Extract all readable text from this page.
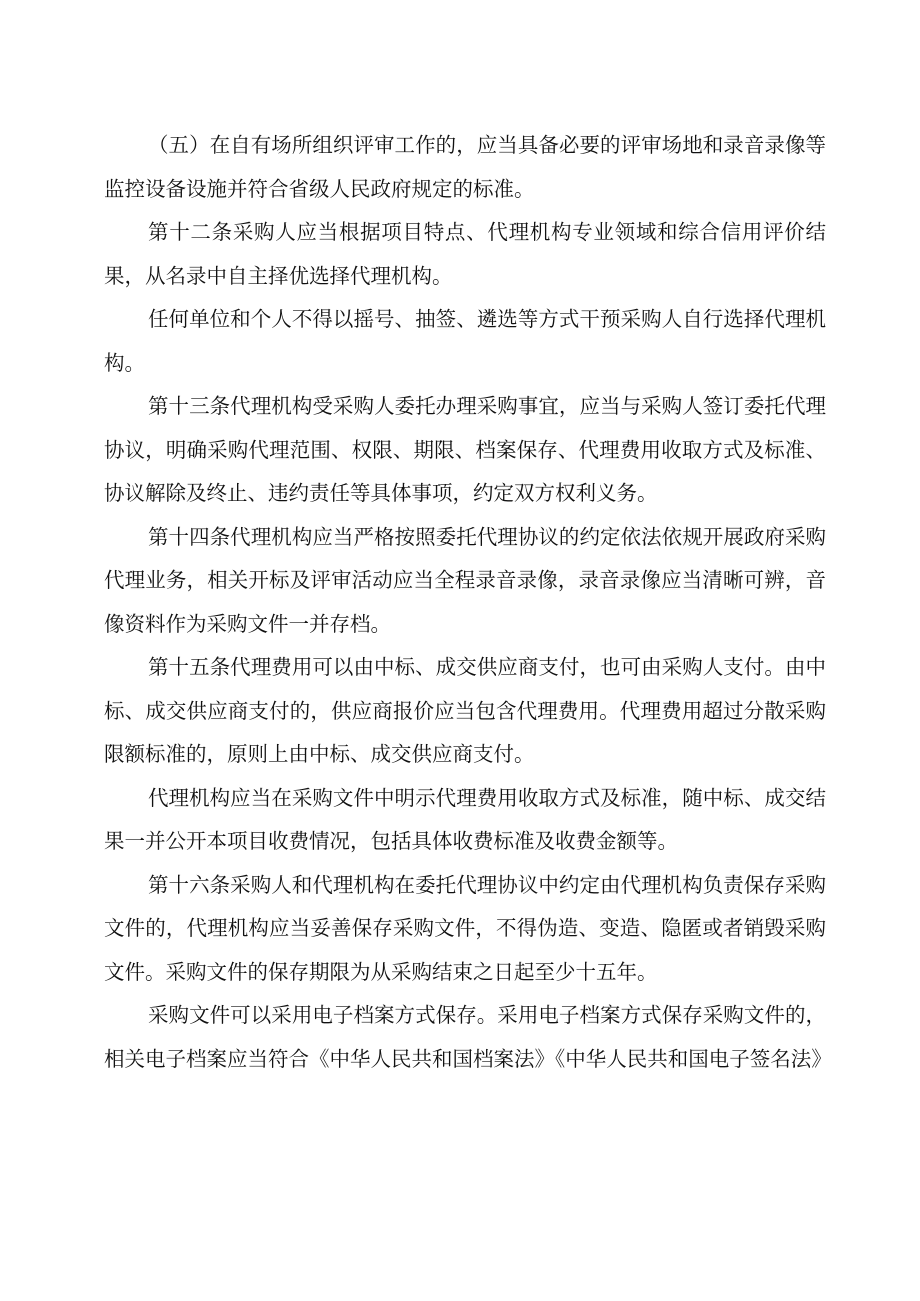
（五）在自有场所组织评审工作的，应当具备必要的评审场地和录音录像等监控设备设施并符合省级人民政府规定的标准。

第十二条采购人应当根据项目特点、代理机构专业领域和综合信用评价结果，从名录中自主择优选择代理机构。

任何单位和个人不得以摇号、抽签、遴选等方式干预采购人自行选择代理机构。

第十三条代理机构受采购人委托办理采购事宜，应当与采购人签订委托代理协议，明确采购代理范围、权限、期限、档案保存、代理费用收取方式及标准、协议解除及终止、违约责任等具体事项，约定双方权利义务。

第十四条代理机构应当严格按照委托代理协议的约定依法依规开展政府采购代理业务，相关开标及评审活动应当全程录音录像，录音录像应当清晰可辨，音像资料作为采购文件一并存档。

第十五条代理费用可以由中标、成交供应商支付，也可由采购人支付。由中标、成交供应商支付的，供应商报价应当包含代理费用。代理费用超过分散采购限额标准的，原则上由中标、成交供应商支付。

代理机构应当在采购文件中明示代理费用收取方式及标准，随中标、成交结果一并公开本项目收费情况，包括具体收费标准及收费金额等。

第十六条采购人和代理机构在委托代理协议中约定由代理机构负责保存采购文件的，代理机构应当妥善保存采购文件，不得伪造、变造、隐匿或者销毁采购文件。采购文件的保存期限为从采购结束之日起至少十五年。

采购文件可以采用电子档案方式保存。采用电子档案方式保存采购文件的，相关电子档案应当符合《中华人民共和国档案法》《中华人民共和国电子签名法》
